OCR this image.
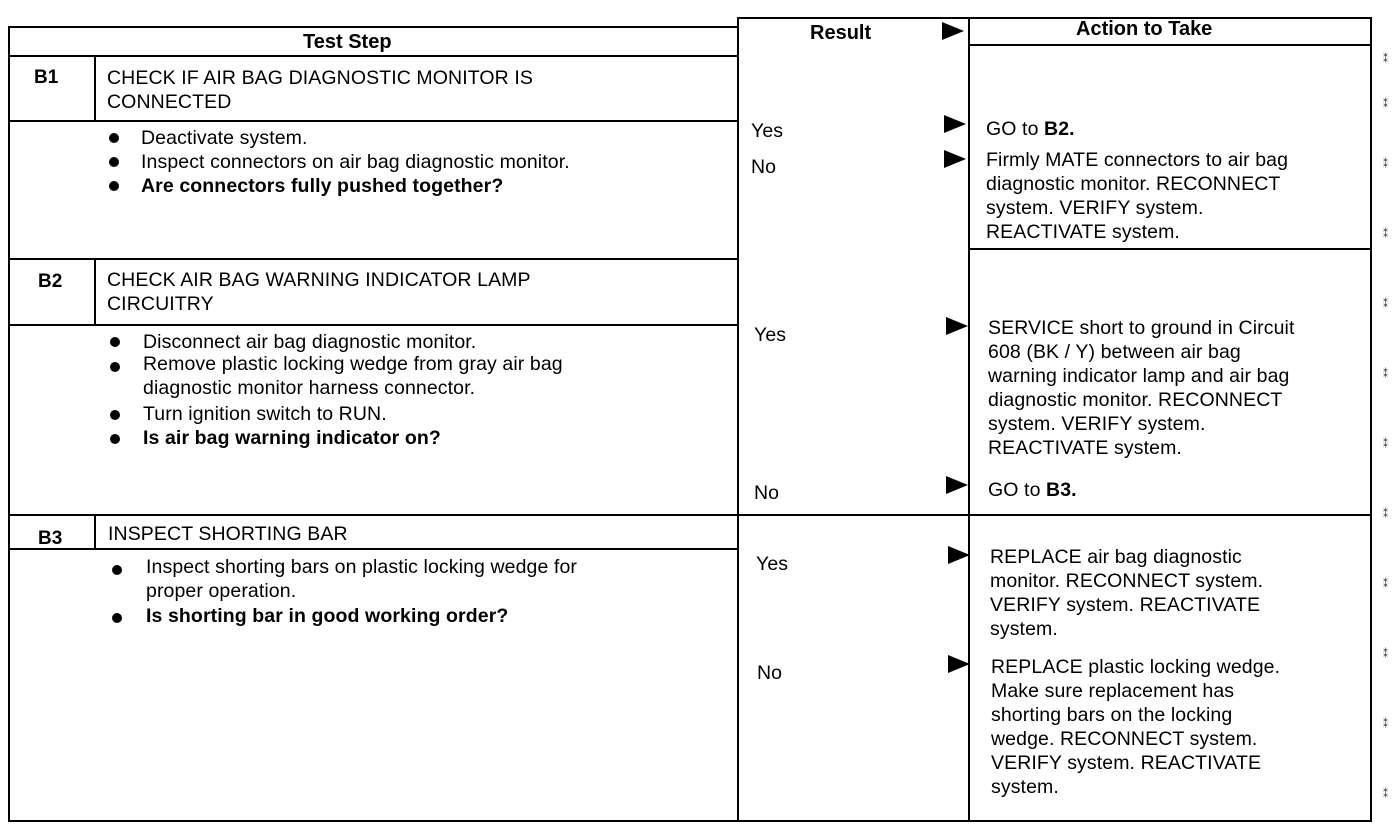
Test Step	Result	Action to Take
B1 CHECK IF AIR BAG DIAGNOSTIC MONITOR IS
CONNECTED
Deactivate system.
Inspect connectors on air bag diagnostic monitor.
Are connectors fully pushed together?
Yes	GO to B2.
No	Firmly MATE connectors to air bag
diagnostic monitor. RECONNECT
system. VERIFY system.
REACTIVATE system.
B2 CHECK AIR BAG WARNING INDICATOR LAMP
CIRCUITRY
Disconnect air bag diagnostic monitor.
Remove plastic locking wedge from gray air bag
diagnostic monitor harness connector.
Turn ignition switch to RUN.
Is air bag warning indicator on?
Yes	SERVICE short to ground in Circuit
608 (BK / Y) between air bag
warning indicator lamp and air bag
diagnostic monitor. RECONNECT
system. VERIFY system.
REACTIVATE system.
No	GO to B3.
B3 INSPECT SHORTING BAR
Inspect shorting bars on plastic locking wedge for
proper operation.
Is shorting bar in good working order?
Yes	REPLACE air bag diagnostic
monitor. RECONNECT system.
VERIFY system. REACTIVATE
system.
No	REPLACE plastic locking wedge.
Make sure replacement has
shorting bars on the locking
wedge. RECONNECT system.
VERIFY system. REACTIVATE
system.
⁑
⁑
⁑
⁑
⁑
⁑
⁑
⁑
⁑
⁑
⁑
⁑
